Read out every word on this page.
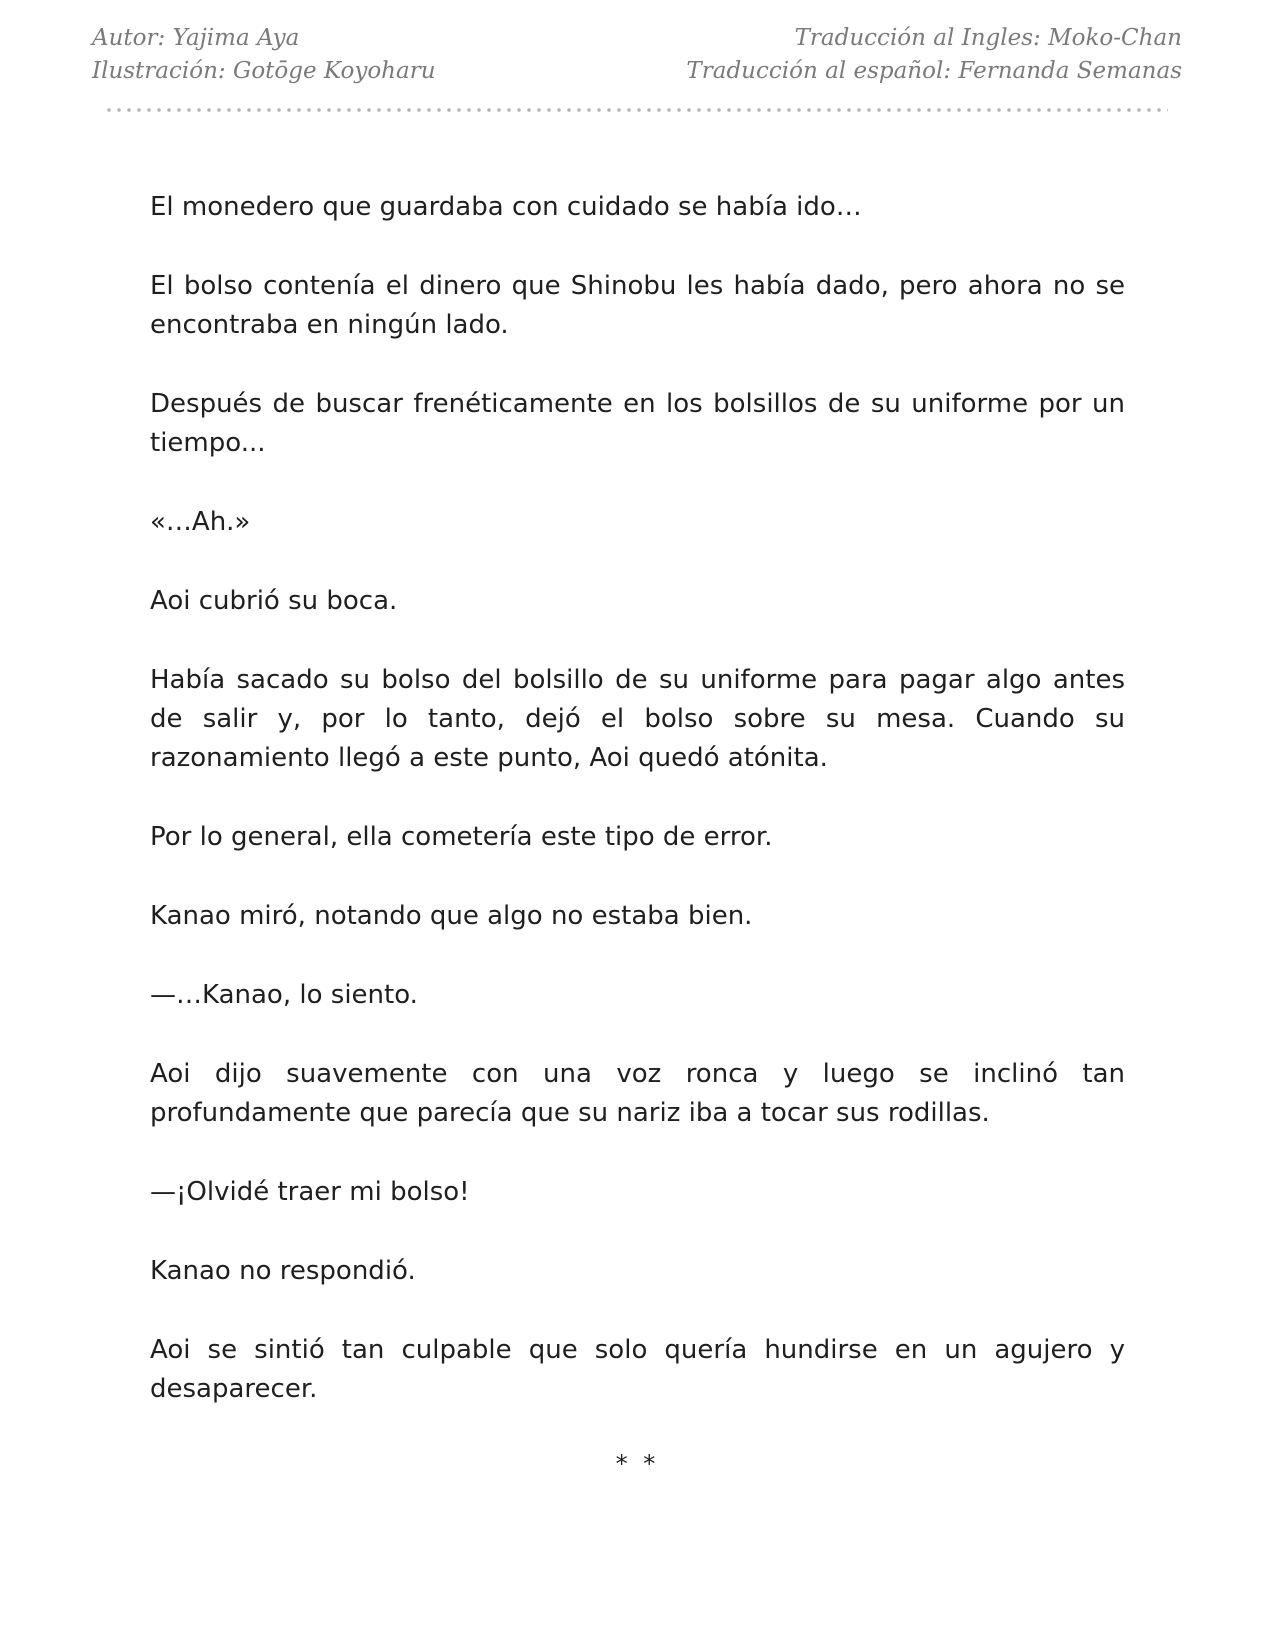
Autor: Yajima Aya
Ilustración: Gotōge Koyoharu
Traducción al Ingles: Moko-Chan
Traducción al español: Fernanda Semanas

El monedero que guardaba con cuidado se había ido…

El bolso contenía el dinero que Shinobu les había dado, pero ahora no se encontraba en ningún lado.

Después de buscar frenéticamente en los bolsillos de su uniforme por un tiempo...

«…Ah.»

Aoi cubrió su boca.

Había sacado su bolso del bolsillo de su uniforme para pagar algo antes de salir y, por lo tanto, dejó el bolso sobre su mesa. Cuando su razonamiento llegó a este punto, Aoi quedó atónita.

Por lo general, ella cometería este tipo de error.

Kanao miró, notando que algo no estaba bien.

—…Kanao, lo siento.

Aoi dijo suavemente con una voz ronca y luego se inclinó tan profundamente que parecía que su nariz iba a tocar sus rodillas.

—¡Olvidé traer mi bolso!

Kanao no respondió.

Aoi se sintió tan culpable que solo quería hundirse en un agujero y desaparecer.

* *
